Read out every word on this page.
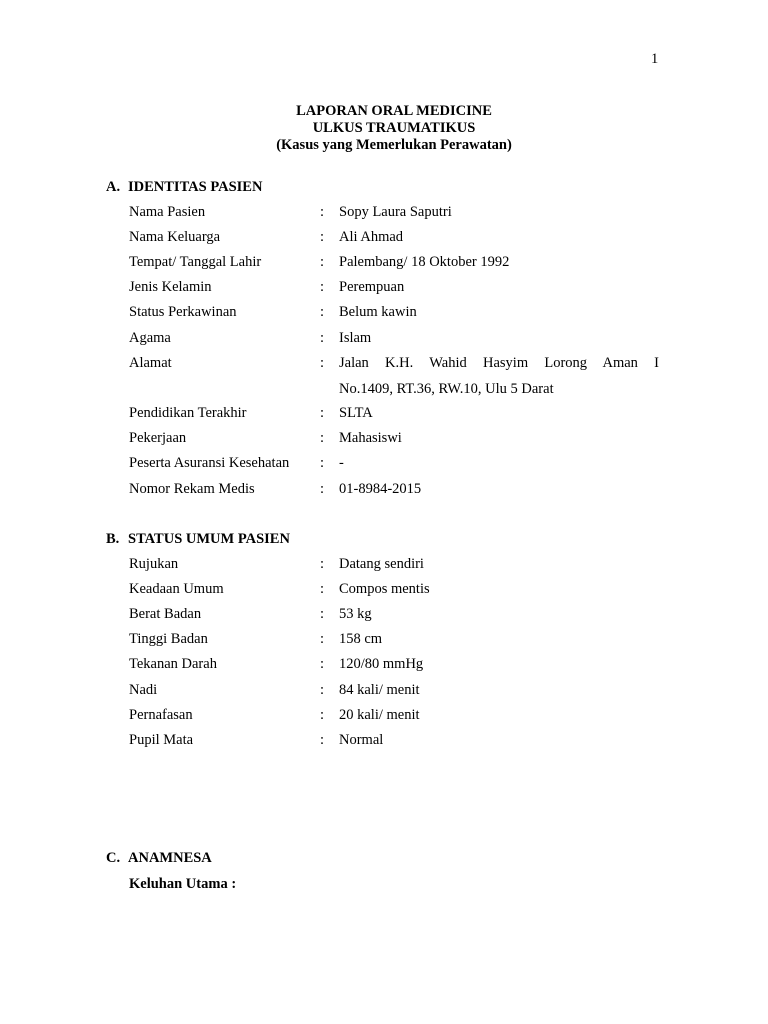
1
LAPORAN ORAL MEDICINE
ULKUS TRAUMATIKUS
(Kasus yang Memerlukan Perawatan)
A. IDENTITAS PASIEN
Nama Pasien	: Sopy Laura Saputri
Nama Keluarga	: Ali Ahmad
Tempat/ Tanggal Lahir	: Palembang/ 18 Oktober 1992
Jenis Kelamin	: Perempuan
Status Perkawinan	: Belum kawin
Agama	: Islam
Alamat	: Jalan K.H. Wahid Hasyim Lorong Aman I
No.1409, RT.36, RW.10, Ulu 5 Darat
Pendidikan Terakhir	: SLTA
Pekerjaan	: Mahasiswi
Peserta Asuransi Kesehatan : -
Nomor Rekam Medis	: 01-8984-2015
B. STATUS UMUM PASIEN
Rujukan	: Datang sendiri
Keadaan Umum	: Compos mentis
Berat Badan	: 53 kg
Tinggi Badan	: 158 cm
Tekanan Darah	: 120/80 mmHg
Nadi	: 84 kali/ menit
Pernafasan	: 20 kali/ menit
Pupil Mata	: Normal
C. ANAMNESA
Keluhan Utama :
